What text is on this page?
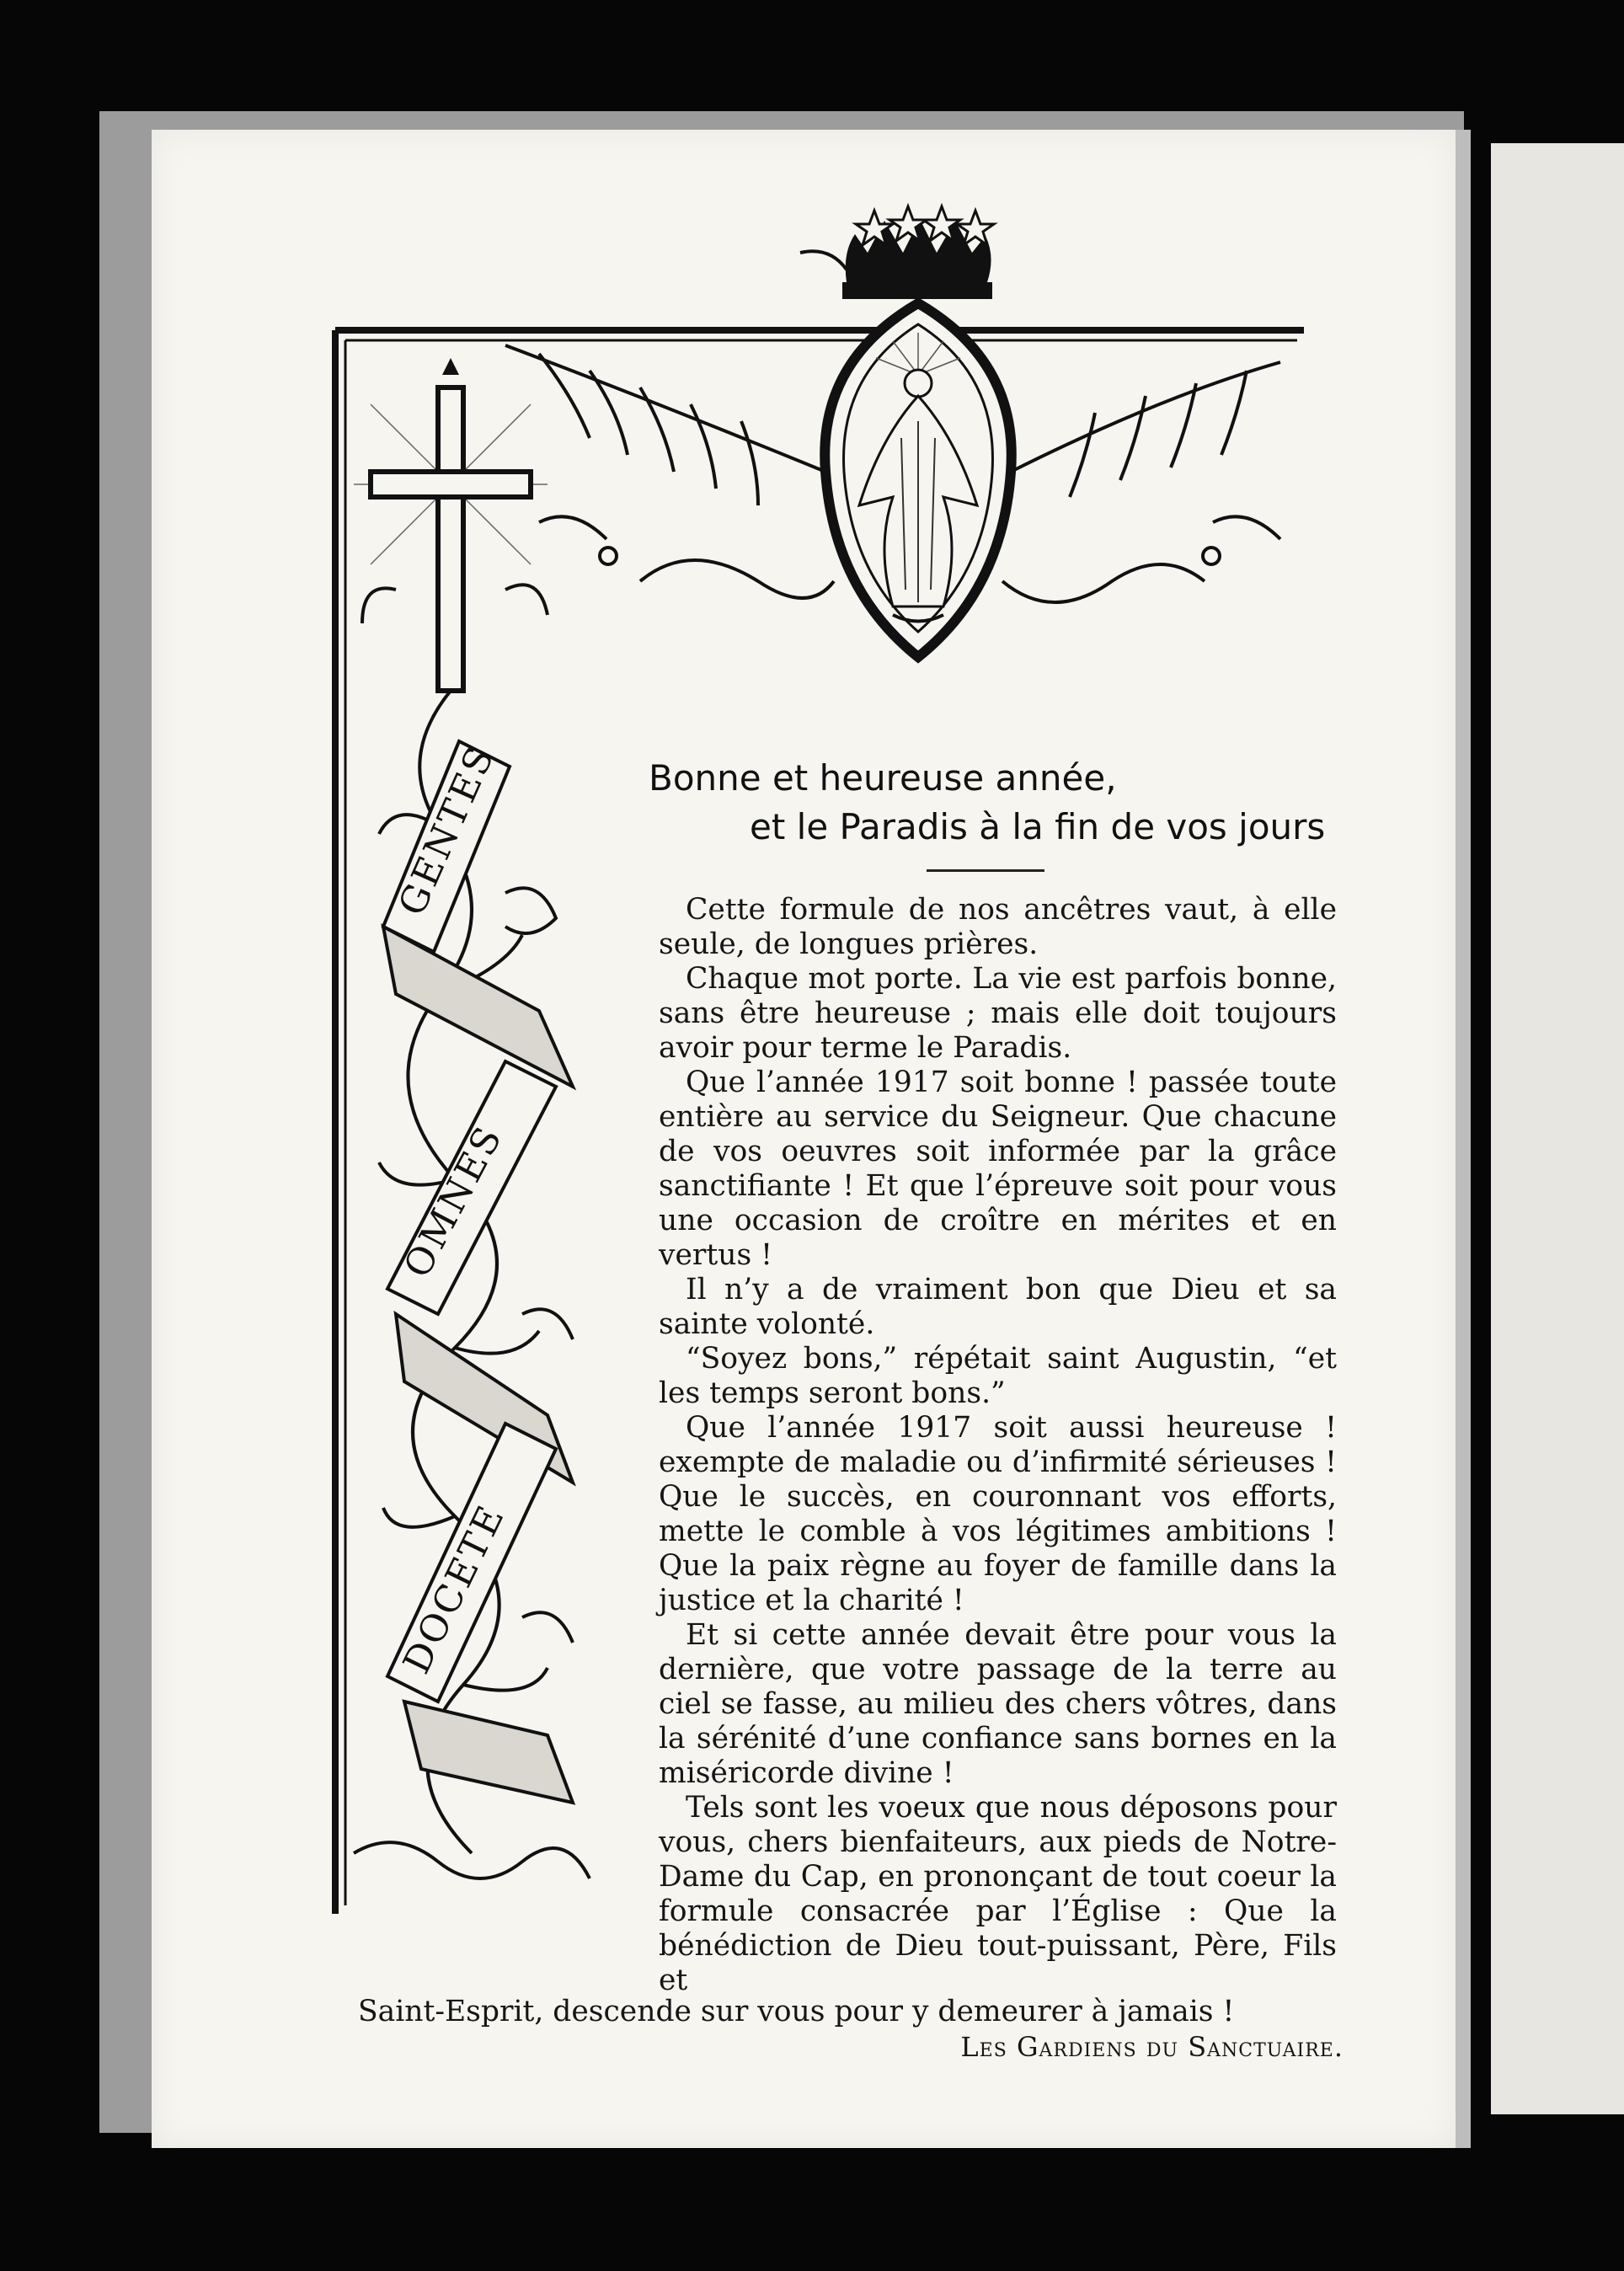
GENTES
OMNES
DOCETE
Bonne et heureuse année,
et le Paradis à la fin de vos jours

Cette formule de nos ancêtres vaut, à elle seule, de longues prières.

Chaque mot porte. La vie est parfois bonne, sans être heureuse ; mais elle doit toujours avoir pour terme le Paradis.

Que l’année 1917 soit bonne ! passée toute entière au service du Seigneur. Que chacune de vos oeuvres soit informée par la grâce sanctifiante ! Et que l’épreuve soit pour vous une occasion de croître en mérites et en vertus !

Il n’y a de vraiment bon que Dieu et sa sainte volonté.

“Soyez bons,” répétait saint Augustin, “et les temps seront bons.”

Que l’année 1917 soit aussi heureuse ! exempte de maladie ou d’infirmité sérieuses ! Que le succès, en couronnant vos efforts, mette le comble à vos légitimes ambitions ! Que la paix règne au foyer de famille dans la justice et la charité !

Et si cette année devait être pour vous la dernière, que votre passage de la terre au ciel se fasse, au milieu des chers vôtres, dans la sérénité d’une confiance sans bornes en la miséricorde divine !

Tels sont les voeux que nous déposons pour vous, chers bienfaiteurs, aux pieds de Notre-Dame du Cap, en prononçant de tout coeur la formule consacrée par l’Église : Que la bénédiction de Dieu tout-puissant, Père, Fils et

Saint-Esprit, descende sur vous pour y demeurer à jamais !
Les Gardiens du Sanctuaire.
